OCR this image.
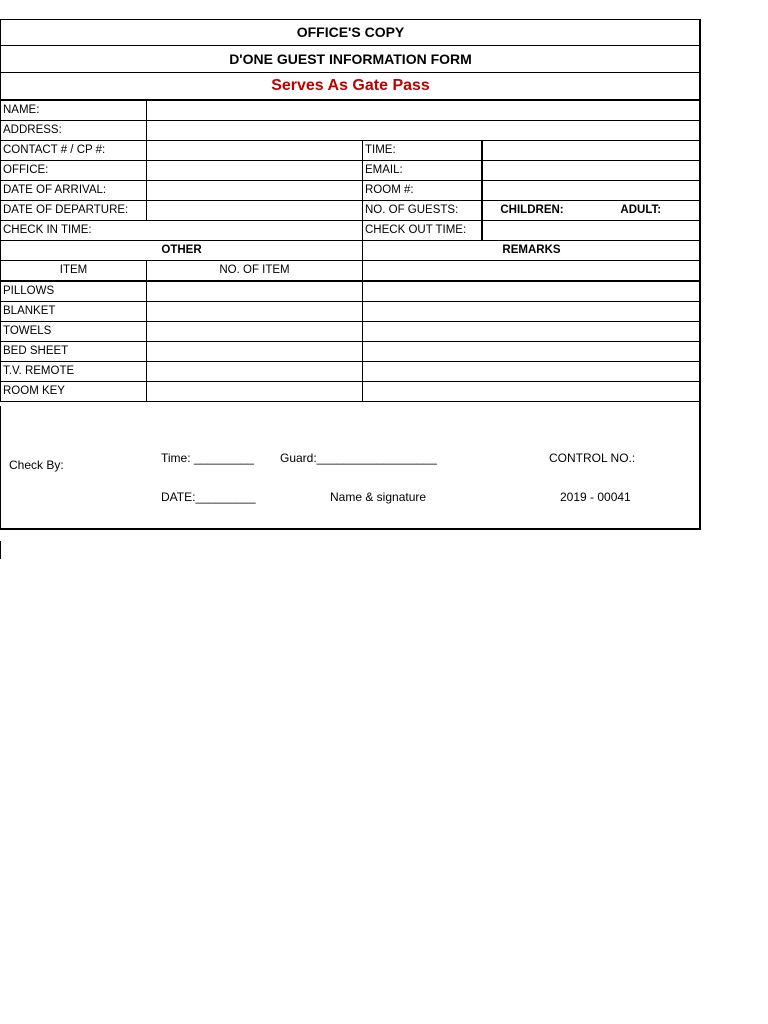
OFFICE'S COPY				
D'ONE GUEST INFORMATION FORM				
Serves As Gate Pass				
NAME:				
ADDRESS:				
CONTACT # / CP #:		TIME:		
OFFICE:		EMAIL:		
DATE OF ARRIVAL:		ROOM #:		
DATE OF DEPARTURE:		NO. OF GUESTS:	CHILDREN:	ADULT:
CHECK IN TIME:		CHECK OUT TIME:		
OTHER		REMARKS		
ITEM	NO. OF ITEM			
PILLOWS				
BLANKET				
TOWELS				
BED SHEET				
T.V. REMOTE				
ROOM KEY				
Check By:	Time: _________ Guard:__________________	CONTROL NO.:
DATE:_________	Name & signature	2019 - 00041
